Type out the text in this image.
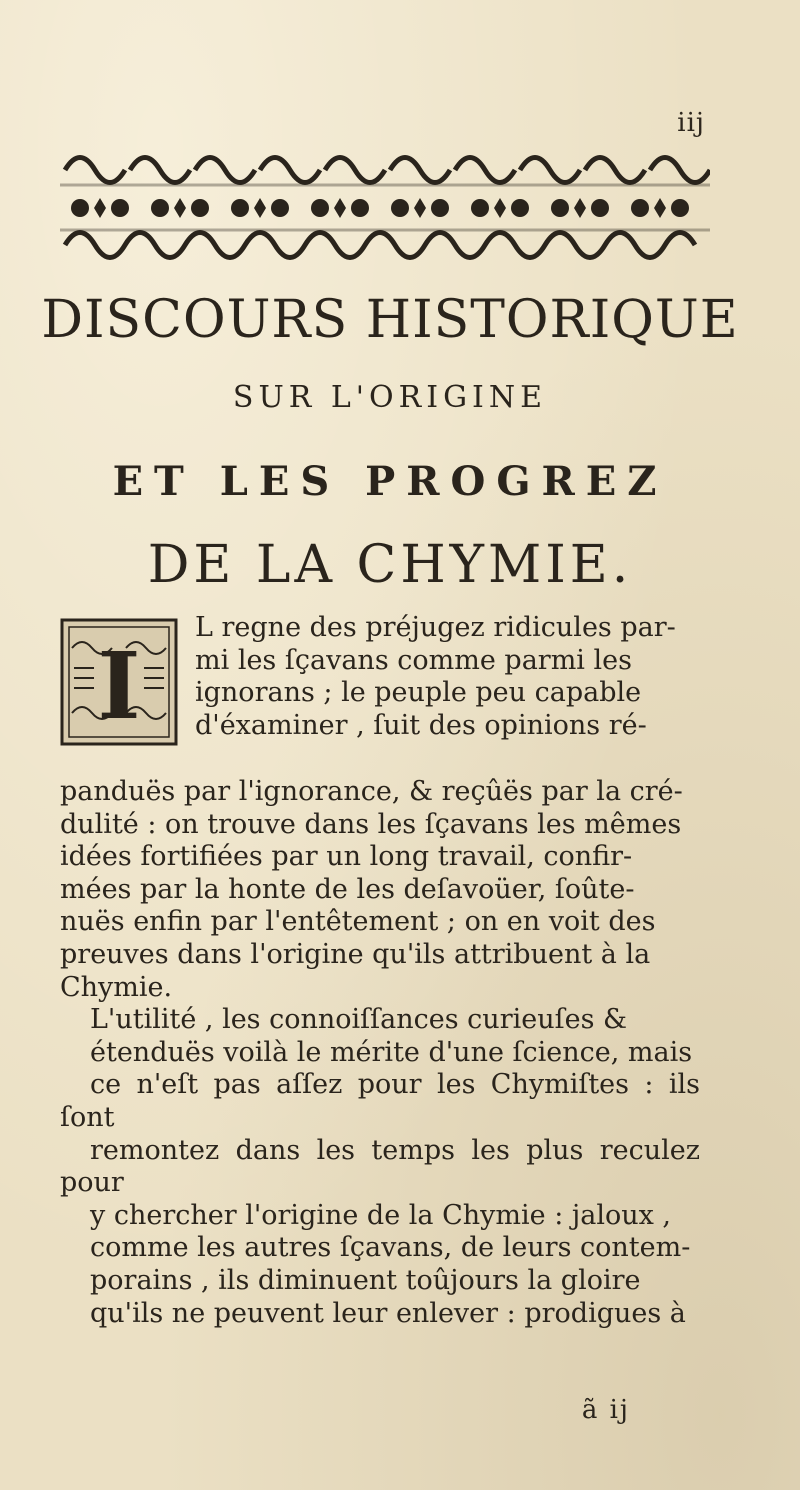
iij
DISCOURS HISTORIQUE
SUR L'ORIGINE
ET LES PROGREZ
DE LA CHYMIE.
I

L regne des préjugez ridicules par-
mi les ſçavans comme parmi les
ignorans ; le peuple peu capable
d'éxaminer , ſuit des opinions ré-

panduës par l'ignorance, & reçûës par la cré-
dulité : on trouve dans les ſçavans les mêmes
idées fortifiées par un long travail, confir-
mées par la honte de les deſavoüer, ſoûte-
nuës enfin par l'entêtement ; on en voit des
preuves dans l'origine qu'ils attribuent à la
Chymie.

L'utilité , les connoiſſances curieuſes &
étenduës voilà le mérite d'une ſcience, mais
ce n'eſt pas aſſez pour les Chymiſtes : ils ſont
remontez dans les temps les plus reculez pour
y chercher l'origine de la Chymie : jaloux ,
comme les autres ſçavans, de leurs contem-
porains , ils diminuent toûjours la gloire
qu'ils ne peuvent leur enlever : prodigues à

ã ij
